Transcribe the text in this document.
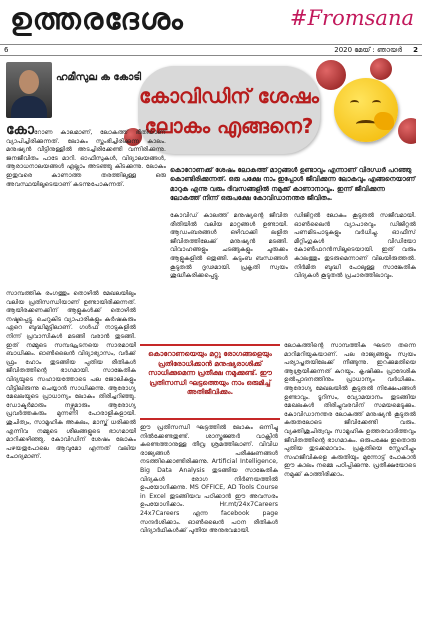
ഉത്തരദേശം	#Fromsana
6	2020 മേയ് : ഞായർ 2
ഹമീസുല ക കോടി
കോവിഡിന് ശേഷം
ലോകം എങ്ങനെ?
കൊറോണക്ക് ശേഷം ലോകത്ത് മാറ്റങ്ങൾ ഉണ്ടാവും എന്നാണ് വിദഗ്ധർ പറഞ്ഞു കൊണ്ടിരിക്കുന്നത്. ഒരു പക്ഷേ നാം ഇപ്പോൾ ജീവിക്കുന്ന ലോകവും എങ്ങനെയാണ് മാറുക എന്നു വരും ദിവസങ്ങളിൽ നമുക്ക് കാണാനാവും. ഇന്ന് ജീവിക്കുന്ന ലോകത്ത് നിന്ന് ഒരുപക്ഷേ കോവിഡാനന്തര ജീവിതം.
കോറോണ കാലമാണ്, ലോകത്ത് ഭീതിയാണ് വ്യാപിച്ചിരിക്കുന്നത്. ലോകം സ്തംഭിച്ചിരിക്കുന്ന കാലം. മനുഷ്യൻ വീട്ടിനുള്ളിൽ അടച്ചിരിക്കേണ്ടി വന്നിരിക്കുന്നു. ജനജീവിതം പാടേ മാറി. ഓഫീസുകൾ, വിദ്യാലയങ്ങൾ, ആരാധനാലയങ്ങൾ എല്ലാം അടഞ്ഞു കിടക്കുന്നു. ലോകം ഇതുവരെ കാണാത്ത തരത്തിലുള്ള ഒരു അവസ്ഥയിലൂടെയാണ് കടന്നുപോകുന്നത്.
സാമ്പത്തിക രംഗത്തും തൊഴിൽ മേഖലയിലും വലിയ പ്രതിസന്ധിയാണ് ഉണ്ടായിരിക്കുന്നത്. ആയിരക്കണക്കിന് ആളുകൾക്ക് തൊഴിൽ നഷ്ടപ്പെട്ടു. ചെറുകിട വ്യാപാരികളും കർഷകരും ഏറെ ബുദ്ധിമുട്ടിലാണ്. ഗൾഫ് നാടുകളിൽ നിന്ന് പ്രവാസികൾ മടങ്ങി വരാൻ തുടങ്ങി. ഇത് നമ്മുടെ സമ്പദ്ഘടനയെ സാരമായി ബാധിക്കും. ഓൺലൈൻ വിദ്യാഭ്യാസം, വർക്ക് ഫ്രം ഹോം തുടങ്ങിയ പുതിയ രീതികൾ ജീവിതത്തിന്റെ ഭാഗമായി. സാങ്കേതിക വിദ്യയുടെ സഹായത്തോടെ പല ജോലികളും വീട്ടിലിരുന്നു ചെയ്യാൻ സാധിക്കുന്നു. ആരോഗ്യ മേഖലയുടെ പ്രാധാന്യം ലോകം തിരിച്ചറിഞ്ഞു. ഡോക്ടർമാരും നഴ്സുമാരും ആരോഗ്യ പ്രവർത്തകരും മുന്നണി പോരാളികളായി. ശുചിത്വം, സാമൂഹിക അകലം, മാസ്ക് ധരിക്കൽ എന്നിവ നമ്മുടെ ശീലങ്ങളുടെ ഭാഗമായി മാറിക്കഴിഞ്ഞു. കോവിഡിന് ശേഷം ലോകം പഴയതുപോലെ ആവുമോ എന്നത് വലിയ ചോദ്യമാണ്.
കോവിഡ് കാലത്ത് മനുഷ്യന്റെ ജീവിത രീതിയിൽ വലിയ മാറ്റങ്ങൾ ഉണ്ടായി. ആഡംബരങ്ങൾ ഒഴിവാക്കി ലളിത ജീവിതത്തിലേക്ക് മനുഷ്യൻ മടങ്ങി. വിവാഹങ്ങളും ചടങ്ങുകളും ചുരുക്കം ആളുകളിൽ ഒതുങ്ങി. കുടുംബ ബന്ധങ്ങൾ കൂടുതൽ ദൃഢമായി. പ്രകൃതി സ്വയം ശുദ്ധീകരിക്കപ്പെട്ടു.
ഡിജിറ്റൽ ലോകം കൂടുതൽ സജീവമായി. ഓൺലൈൻ വ്യാപാരവും ഡിജിറ്റൽ പണമിടപാടുകളും വർധിച്ചു. ഓഫീസ് മീറ്റിംഗുകൾ വീഡിയോ കോൺഫറൻസിലൂടെയായി. ഇത് വരും കാലത്തും തുടരുമെന്നാണ് വിലയിരുത്തൽ. നിർമിത ബുദ്ധി പോലുള്ള സാങ്കേതിക വിദ്യകൾ കൂടുതൽ പ്രചാരത്തിലാവും.
കൊറോണയെയും മറ്റു രോഗങ്ങളെയും പ്രതിരോധിക്കാൻ മനുഷ്യരാശിക്ക് സാധിക്കുമെന്ന പ്രതീക്ഷ നമുക്കുണ്ട്. ഈ പ്രതിസന്ധി ഘട്ടത്തെയും നാം ഒരുമിച്ച് അതിജീവിക്കും.
ഈ പ്രതിസന്ധി ഘട്ടത്തിൽ ലോകം ഒന്നിച്ചു നിൽക്കേണ്ടതുണ്ട്. ശാസ്ത്രജ്ഞർ വാക്സിൻ കണ്ടെത്താനുള്ള തീവ്ര ശ്രമത്തിലാണ്. വിവിധ രാജ്യങ്ങൾ പരീക്ഷണങ്ങൾ നടത്തിക്കൊണ്ടിരിക്കുന്നു. Artificial Intelligence, Big Data Analysis തുടങ്ങിയ സാങ്കേതിക വിദ്യകൾ രോഗ നിർണയത്തിൽ ഉപയോഗിക്കുന്നു. MS OFFICE, AD Tools Course in Excel തുടങ്ങിയവ പഠിക്കാൻ ഈ അവസരം ഉപയോഗിക്കാം. Hr.mt/24x7Careers 24x7Careers എന്ന facebook page സന്ദർശിക്കാം. ഓൺലൈൻ പഠന രീതികൾ വിദ്യാർഥികൾക്ക് പുതിയ അനുഭവമായി.
ലോകത്തിന്റെ സാമ്പത്തിക ഘടന തന്നെ മാറിമറിയുകയാണ്. പല രാജ്യങ്ങളും സ്വയം പര്യാപ്തതയിലേക്ക് നീങ്ങുന്നു. ഇറക്കുമതിയെ ആശ്രയിക്കുന്നത് കുറയും. കൃഷിക്കും പ്രാദേശിക ഉൽപ്പാദനത്തിനും പ്രാധാന്യം വർധിക്കും. ആരോഗ്യ മേഖലയിൽ കൂടുതൽ നിക്ഷേപങ്ങൾ ഉണ്ടാവും. ടൂറിസം, വ്യോമയാനം തുടങ്ങിയ മേഖലകൾ തിരിച്ചുവരവിന് സമയമെടുക്കും. കോവിഡാനന്തര ലോകത്ത് മനുഷ്യൻ കൂടുതൽ കരുതലോടെ ജീവിക്കേണ്ടി വരും. വ്യക്തിശുചിത്വവും സാമൂഹിക ഉത്തരവാദിത്തവും ജീവിതത്തിന്റെ ഭാഗമാകും. ഒരുപക്ഷേ ഇതൊരു പുതിയ തുടക്കമാവാം. പ്രകൃതിയെ സ്നേഹിച്ചും സഹജീവികളെ കരുതിയും മുന്നോട്ട് പോകാൻ ഈ കാലം നമ്മെ പഠിപ്പിക്കുന്നു. പ്രതീക്ഷയോടെ നമുക്ക് കാത്തിരിക്കാം.
